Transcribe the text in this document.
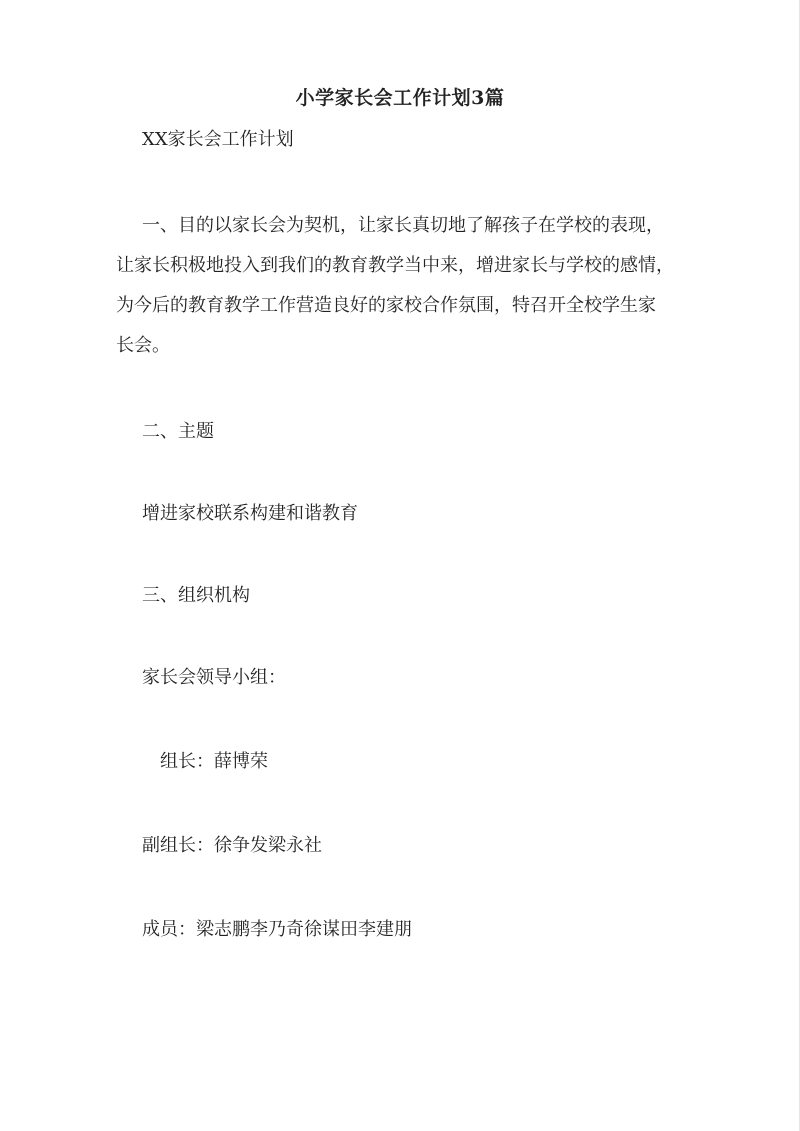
小学家长会工作计划3篇

XX家长会工作计划

一、目的以家长会为契机，让家长真切地了解孩子在学校的表现，
让家长积极地投入到我们的教育教学当中来，增进家长与学校的感情，
为今后的教育教学工作营造良好的家校合作氛围，特召开全校学生家
长会。

二、主题

增进家校联系构建和谐教育

三、组织机构

家长会领导小组：

组长：薛博荣

副组长：徐争发梁永社

成员：梁志鹏李乃奇徐谋田李建朋
